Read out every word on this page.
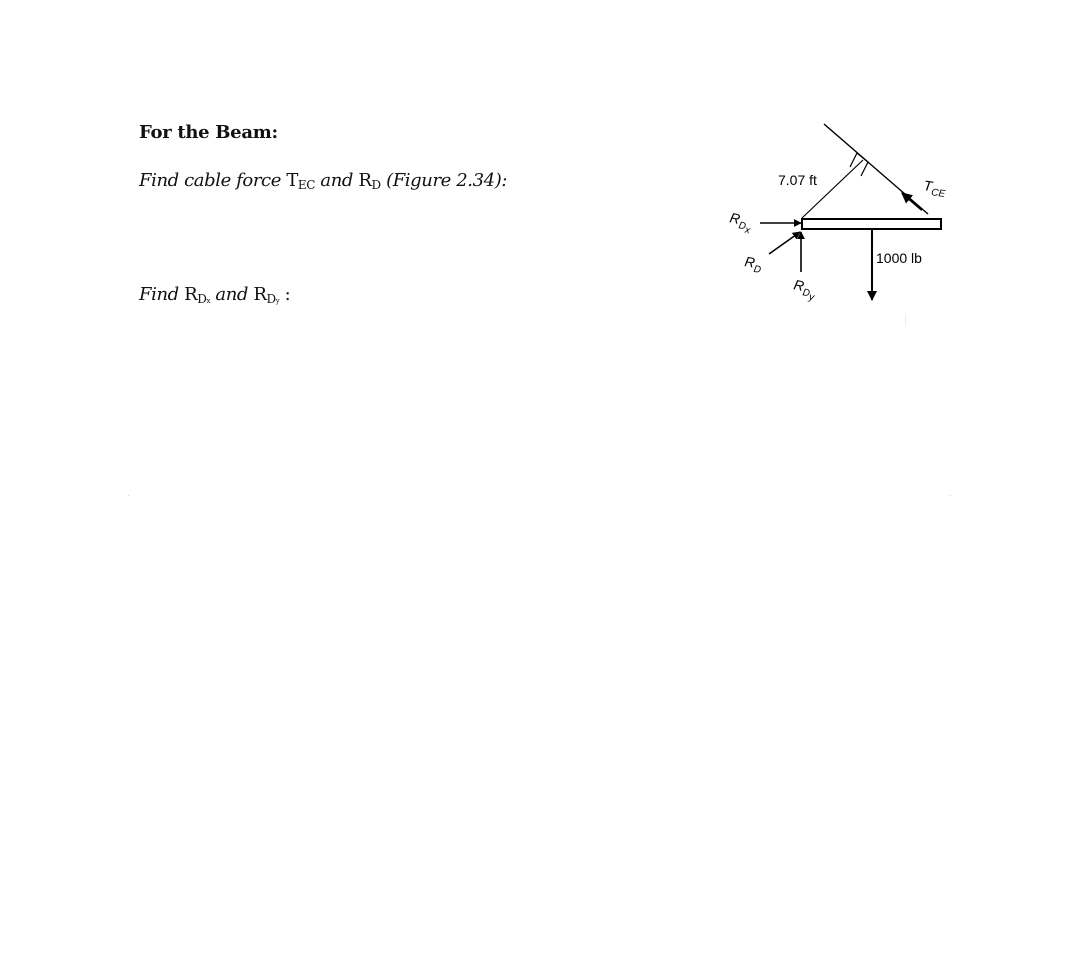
For the Beam:
Find cable force $T_{EC}$ and $R_D$ (Figure 2.34):
Find $R_Dx$ and $R_Dy$ :
7.07 ft
1000 lb
$T_{CE}$
$R_Dx$
$R_D$
$R_Dy$
